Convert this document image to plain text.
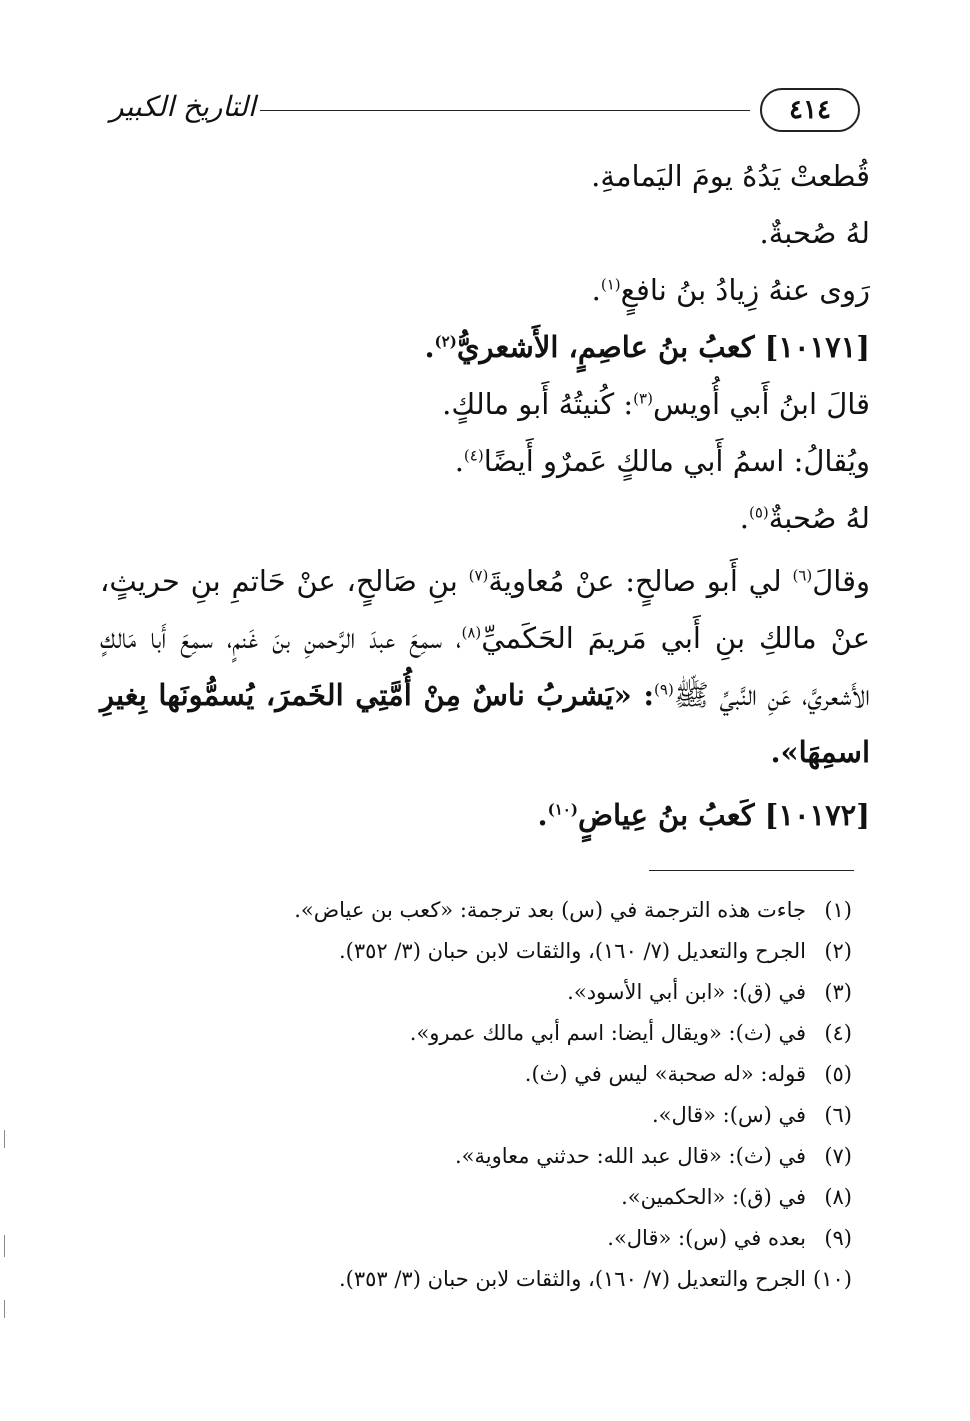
التاريخ الكبير	٤١٤

قُطعتْ يَدُهُ يومَ اليَمامةِ.

لهُ صُحبةٌ.

رَوى عنهُ زِيادُ بنُ نافعٍ$^{(١)}$.

[١٠١٧١] كعبُ بنُ عاصِمٍ، الأَشعريُّ$^{(٢)}$.

قالَ ابنُ أَبي أُويس$^{(٣)}$: كُنيتُهُ أَبو مالكٍ.

ويُقالُ: اسمُ أَبي مالكٍ عَمرٌو أَيضًا$^{(٤)}$.

لهُ صُحبةٌ$^{(٥)}$.

وقالَ$^{(٦)}$ لي أَبو صالحٍ: عنْ مُعاويةَ$^{(٧)}$ بنِ صَالحٍ، عنْ حَاتمِ بنِ حريثٍ، عنْ مالكِ بنِ أَبي مَريمَ الحَكَميِّ$^{(٨)}$، سمِعَ عبدَ الرَّحمنِ بنَ غَنمٍ، سمِعَ أَبا مَالكٍ الأَشعريَّ، عَنِ النَّبيِّ ﷺ$^{(٩)}$: «يَشربُ ناسٌ مِنْ أُمَّتِي الخَمرَ، يُسمُّونَها بِغيرِ اسمِهَا».

[١٠١٧٢] كَعبُ بنُ عِياضٍ$^{(١٠)}$.

(١)جاءت هذه الترجمة في (س) بعد ترجمة: «كعب بن عياض».

(٢)الجرح والتعديل (٧/ ١٦٠)، والثقات لابن حبان (٣/ ٣٥٢).

(٣)في (ق): «ابن أبي الأسود».

(٤)في (ث): «ويقال أيضا: اسم أبي مالك عمرو».

(٥)قوله: «له صحبة» ليس في (ث).

(٦)في (س): «قال».

(٧)في (ث): «قال عبد الله: حدثني معاوية».

(٨)في (ق): «الحكمين».

(٩)بعده في (س): «قال».

(١٠)الجرح والتعديل (٧/ ١٦٠)، والثقات لابن حبان (٣/ ٣٥٣).
